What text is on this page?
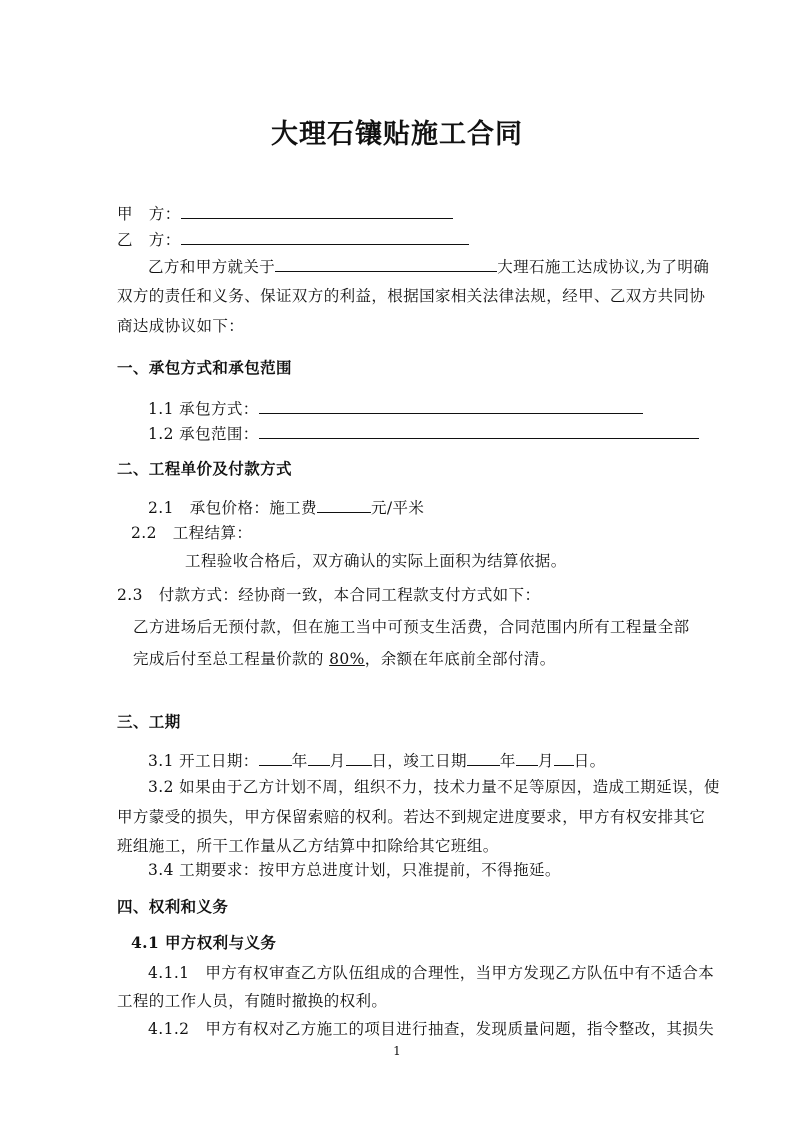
大理石镶贴施工合同
甲　方：
乙　方：
乙方和甲方就关于	大理石施工达成协议,为了明确
双方的责任和义务、保证双方的利益，根据国家相关法律法规，经甲、乙双方共同协
商达成协议如下：
一、承包方式和承包范围
1.1 承包方式：
1.2 承包范围：
二、工程单价及付款方式
2.1　承包价格：施工费	元/平米
2.2　工程结算：
工程验收合格后，双方确认的实际上面积为结算依据。
2.3　付款方式：经协商一致，本合同工程款支付方式如下：
乙方进场后无预付款，但在施工当中可预支生活费，合同范围内所有工程量全部
完成后付至总工程量价款的 80%，余额在年底前全部付清。
三、工期
3.1 开工日期： 年 月 日，竣工日期 年 月 日。
3.2 如果由于乙方计划不周，组织不力，技术力量不足等原因，造成工期延误，使
甲方蒙受的损失，甲方保留索赔的权利。若达不到规定进度要求，甲方有权安排其它
班组施工，所干工作量从乙方结算中扣除给其它班组。
3.4 工期要求：按甲方总进度计划，只准提前，不得拖延。
四、权利和义务
4.1 甲方权利与义务
4.1.1　甲方有权审查乙方队伍组成的合理性，当甲方发现乙方队伍中有不适合本
工程的工作人员，有随时撤换的权利。
4.1.2　甲方有权对乙方施工的项目进行抽查，发现质量问题，指令整改，其损失
1
